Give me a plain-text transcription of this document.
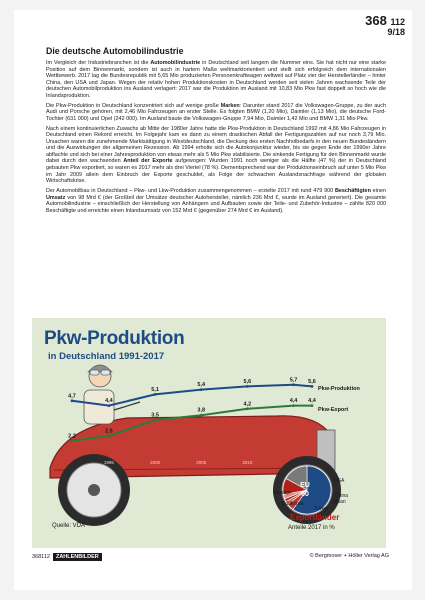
368 112
9/18
Die deutsche Automobilindustrie

Im Vergleich der Industriebranchen ist die Automobilindustrie in Deutschland seit langem die Nummer eins. Sie hat nicht nur eine starke Position auf dem Binnenmarkt, sondern ist auch in hartem Maße weltmarktorientiert und stellt sich erfolgreich dem internationalen Wettbewerb. 2017 lag die Bundesrepublik mit 5,65 Mio produzierten Personenkraftwagen weltweit auf Platz vier der Herstellerländer – hinter China, den USA und Japan. Wegen der relativ hohen Produktionskosten in Deutschland werden seit vielen Jahren wachsende Teile der deutschen Automobilproduktion ins Ausland verlagert: 2017 war die Produktion im Ausland mit 10,83 Mio Pkw fast doppelt so hoch wie die Inlandsproduktion.

Die Pkw-Produktion in Deutschland konzentriert sich auf wenige große Marken: Darunter stand 2017 die Volkswagen-Gruppe, zu der auch Audi und Porsche gehören, mit 2,46 Mio Fahrzeugen an erster Stelle. Es folgten BMW (1,20 Mio), Daimler (1,13 Mio), die deutsche Ford-Tochter (631 000) und Opel (242 000). Im Ausland baute die Volkswagen-Gruppe 7,94 Mio, Daimler 1,42 Mio und BMW 1,31 Mio Pkw.

Nach einem kontinuierlichen Zuwachs ab Mitte der 1980er Jahre hatte die Pkw-Produktion in Deutschland 1992 mit 4,86 Mio Fahrzeugen in Deutschland einen Rekord erreicht. Im Folgejahr kam es dann zu einem drastischen Abfall der Fertigungszahlen auf nur noch 3,79 Mio. Ursachen waren die zunehmende Marktsättigung in Westdeutschland, die Deckung des ersten Nachholbedarfs in den neuen Bundesländern und die Auswirkungen der allgemeinen Rezession. Ab 1994 erholte sich die Autokonjunktur wieder, bis sie gegen Ende der 1990er Jahre abflachte und sich bei einer Jahresproduktion von etwas mehr als 5 Mio Pkw stabilisierte. Die sinkende Fertigung für den Binnenmarkt wurde dabei durch den wachsenden Anteil der Exporte aufgewogen: Wurden 1991 noch weniger als die Hälfte (47 %) der in Deutschland gebauten Pkw exportiert, so waren es 2017 mehr als drei Viertel (78 %). Dementsprechend war der Produktionseinbruch auf unter 5 Mio Pkw im Jahr 2009 allein dem Einbruch der Exporte geschuldet, als Folge der schwachen Auslandsnachfrage während der globalen Wirtschaftskrise.

Der Automobilbau in Deutschland – Pkw- und Lkw-Produktion zusammengenommen – erzielte 2017 mit rund 479 900 Beschäftigten einen Umsatz von 98 Mrd € (der Großteil der Umsätze deutscher Autohersteller, nämlich 236 Mrd €, wurde im Ausland generiert). Die gesamte Automobilindustrie – einschließlich der Herstellung von Anhängern und Aufbauten sowie der Teile- und Zubehör-Industrie – zählte 820 000 Beschäftigte und erreichte einen Inlandsumsatz von 152 Mrd € (gegenüber 274 Mrd € im Ausland).

Pkw-Produktion
in Deutschland 1991-2017
EU
60
1995	2000	2005	2010
4,7
4,4
5,1
5,4
5,6	5,7 5,6
2,2
2,5
3,5
3,8
4,2
4,4 4,4
Pkw-Produktion
Pkw-Export
sonstige
USA
China
Japan
Südkorea
Türkei
Quelle: VDA
Exportländer
Anteile 2017 in %
368112	ZAHLENBILDER	© Bergmoser + Höller Verlag AG
